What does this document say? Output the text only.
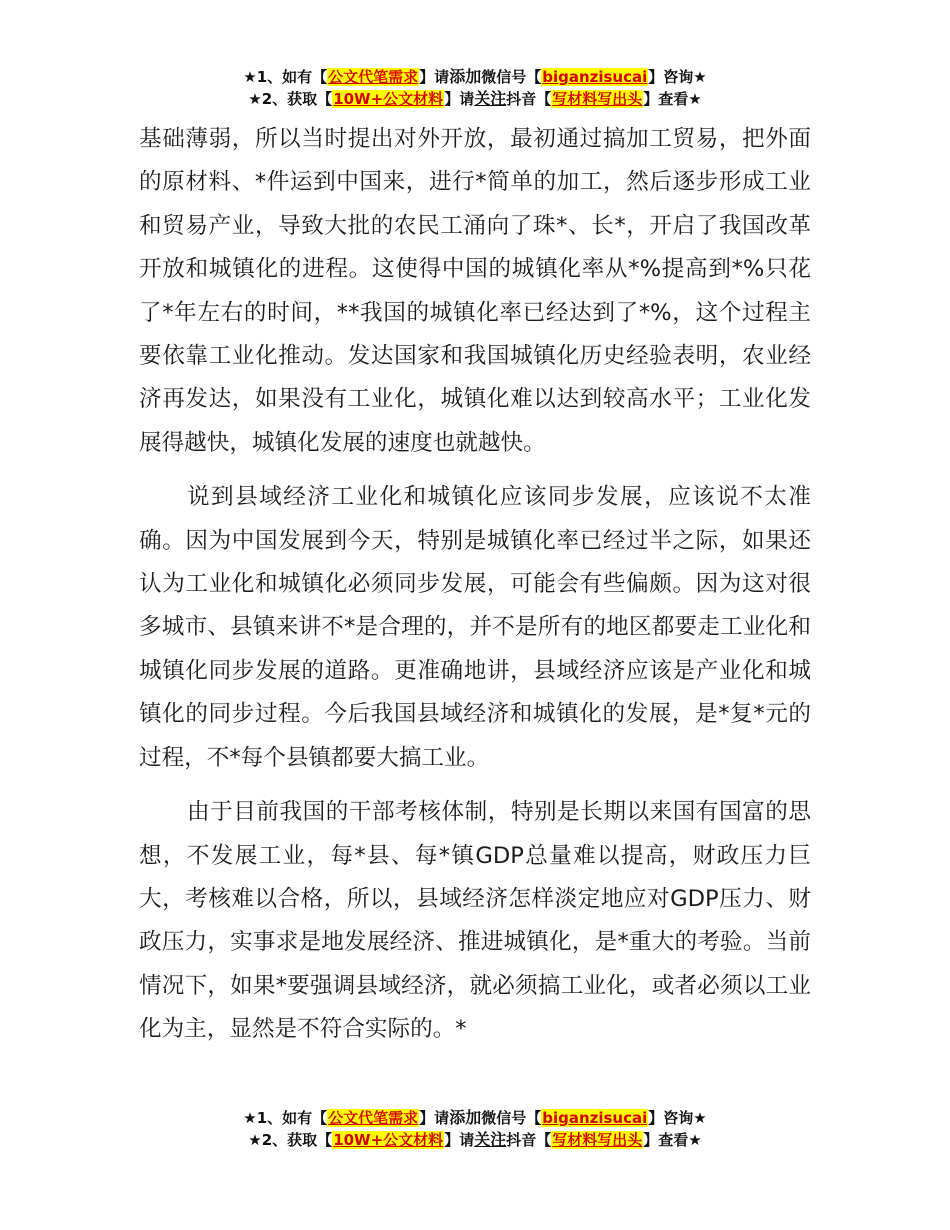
★1、如有【公文代笔需求】请添加微信号【biganzisucai】咨询★
★2、获取【10W+公文材料】请关注抖音【写材料写出头】查看★

基础薄弱，所以当时提出对外开放，最初通过搞加工贸易，把外面的原材料、*件运到中国来，进行*简单的加工，然后逐步形成工业和贸易产业，导致大批的农民工涌向了珠*、长*，开启了我国改革开放和城镇化的进程。这使得中国的城镇化率从*%提高到*%只花了*年左右的时间，**我国的城镇化率已经达到了*%，这个过程主要依靠工业化推动。发达国家和我国城镇化历史经验表明，农业经济再发达，如果没有工业化，城镇化难以达到较高水平；工业化发展得越快，城镇化发展的速度也就越快。

说到县域经济工业化和城镇化应该同步发展，应该说不太准确。因为中国发展到今天，特别是城镇化率已经过半之际，如果还认为工业化和城镇化必须同步发展，可能会有些偏颇。因为这对很多城市、县镇来讲不*是合理的，并不是所有的地区都要走工业化和城镇化同步发展的道路。更准确地讲，县域经济应该是产业化和城镇化的同步过程。今后我国县域经济和城镇化的发展，是*复*元的过程，不*每个县镇都要大搞工业。

由于目前我国的干部考核体制，特别是长期以来国有国富的思想，不发展工业，每*县、每*镇GDP总量难以提高，财政压力巨大，考核难以合格，所以，县域经济怎样淡定地应对GDP压力、财政压力，实事求是地发展经济、推进城镇化，是*重大的考验。当前情况下，如果*要强调县域经济，就必须搞工业化，或者必须以工业化为主，显然是不符合实际的。*

★1、如有【公文代笔需求】请添加微信号【biganzisucai】咨询★
★2、获取【10W+公文材料】请关注抖音【写材料写出头】查看★
